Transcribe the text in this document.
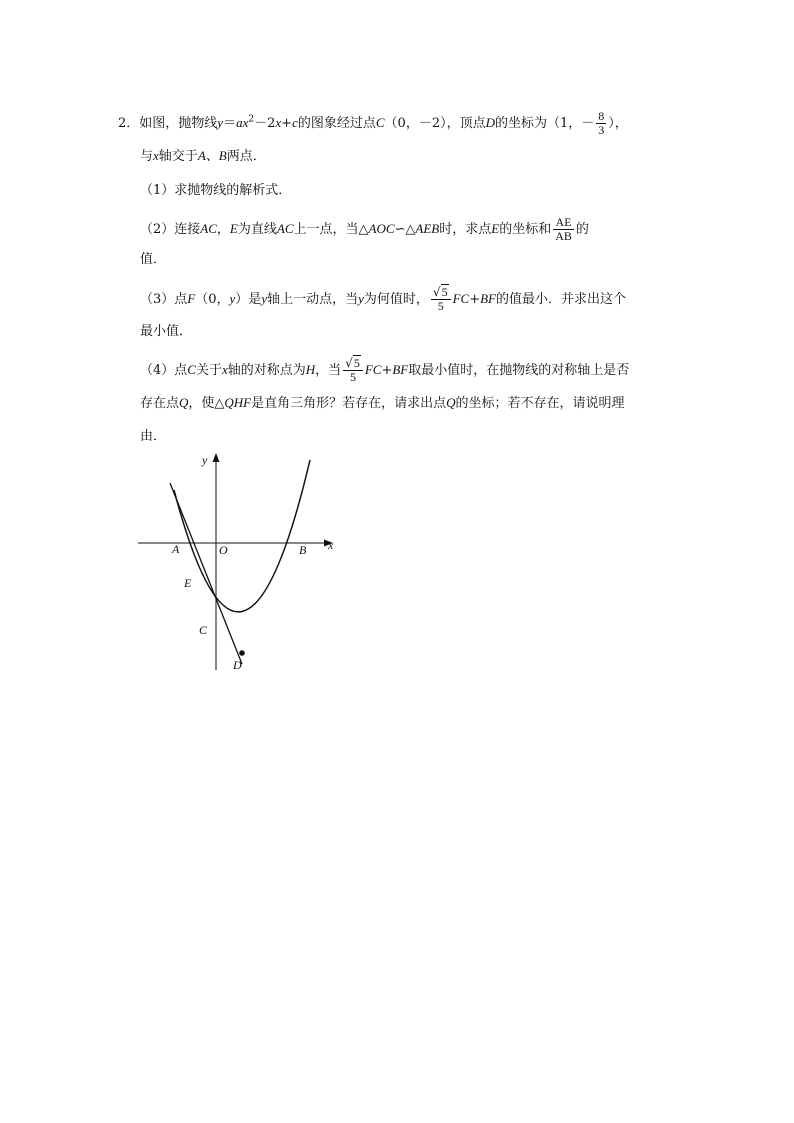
2．如图，抛物线$y=ax^2-2x+c$的图象经过点C（0，－2），顶点D的坐标为（1，－ $\frac{8}{3}$ ），
与x轴交于A、B两点．
（1）求抛物线的解析式．
（2）连接AC，E为直线AC上一点，当△AOC∽△AEB时，求点E的坐标和 $\frac{AE}{AB}$ 的
值．
（3）点F（0，y）是y轴上一动点，当y为何值时， $\frac{√5}{5} FC+BF$的值最小．并求出这个
最小值．
（4）点C关于x轴的对称点为H，当 $\frac{√5}{5} FC+BF$取最小值时，在抛物线的对称轴上是否
存在点Q，使△QHF是直角三角形？若存在，请求出点Q的坐标；若不存在，请说明理
由．
y
x
A	O	B
E
C
D
